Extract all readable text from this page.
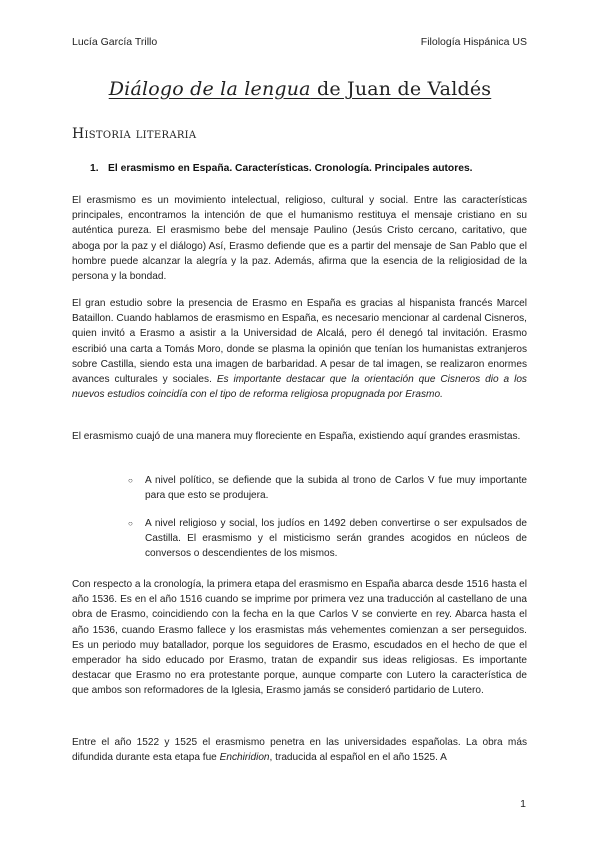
Lucía García Trillo	Filología Hispánica US
Diálogo de la lengua de Juan de Valdés
Historia literaria
1. El erasmismo en España. Características. Cronología. Principales autores.

El erasmismo es un movimiento intelectual, religioso, cultural y social. Entre las características principales, encontramos la intención de que el humanismo restituya el mensaje cristiano en su auténtica pureza. El erasmismo bebe del mensaje Paulino (Jesús Cristo cercano, caritativo, que aboga por la paz y el diálogo) Así, Erasmo defiende que es a partir del mensaje de San Pablo que el hombre puede alcanzar la alegría y la paz. Además, afirma que la esencia de la religiosidad de la persona y la bondad.

El gran estudio sobre la presencia de Erasmo en España es gracias al hispanista francés Marcel Bataillon. Cuando hablamos de erasmismo en España, es necesario mencionar al cardenal Cisneros, quien invitó a Erasmo a asistir a la Universidad de Alcalá, pero él denegó tal invitación. Erasmo escribió una carta a Tomás Moro, donde se plasma la opinión que tenían los humanistas extranjeros sobre Castilla, siendo esta una imagen de barbaridad. A pesar de tal imagen, se realizaron enormes avances culturales y sociales. Es importante destacar que la orientación que Cisneros dio a los nuevos estudios coincidía con el tipo de reforma religiosa propugnada por Erasmo.

El erasmismo cuajó de una manera muy floreciente en España, existiendo aquí grandes erasmistas.

○ A nivel político, se defiende que la subida al trono de Carlos V fue muy importante para que esto se produjera.
○ A nivel religioso y social, los judíos en 1492 deben convertirse o ser expulsados de Castilla. El erasmismo y el misticismo serán grandes acogidos en núcleos de conversos o descendientes de los mismos.

Con respecto a la cronología, la primera etapa del erasmismo en España abarca desde 1516 hasta el año 1536. Es en el año 1516 cuando se imprime por primera vez una traducción al castellano de una obra de Erasmo, coincidiendo con la fecha en la que Carlos V se convierte en rey. Abarca hasta el año 1536, cuando Erasmo fallece y los erasmistas más vehementes comienzan a ser perseguidos. Es un periodo muy batallador, porque los seguidores de Erasmo, escudados en el hecho de que el emperador ha sido educado por Erasmo, tratan de expandir sus ideas religiosas. Es importante destacar que Erasmo no era protestante porque, aunque comparte con Lutero la característica de que ambos son reformadores de la Iglesia, Erasmo jamás se consideró partidario de Lutero.

Entre el año 1522 y 1525 el erasmismo penetra en las universidades españolas. La obra más difundida durante esta etapa fue Enchiridion, traducida al español en el año 1525. A

1
